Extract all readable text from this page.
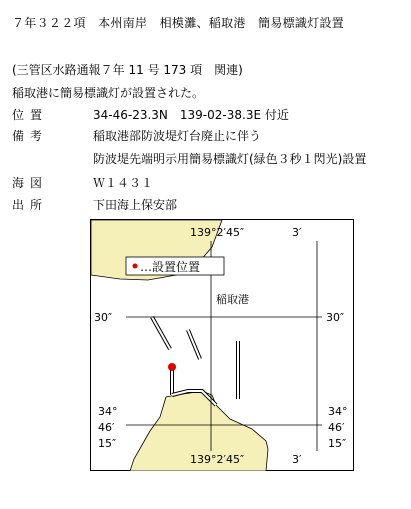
７年３２２項　本州南岸　相模灘、稲取港　簡易標識灯設置
(三管区水路通報７年 11 号 173 項　関連)
稲取港に簡易標識灯が設置された。
位置	34-46-23.3N　139-02-38.3E 付近
備考	稲取港部防波堤灯台廃止に伴う
防波堤先端明示用簡易標識灯(緑色３秒１閃光)設置
海図	Ｗ１４３１
出所	下田海上保安部
…設置位置
稲取港
139°2′45″	3′
139°2′45″	3′
30″	30″
34°
46′
15″
34°
46′
15″
